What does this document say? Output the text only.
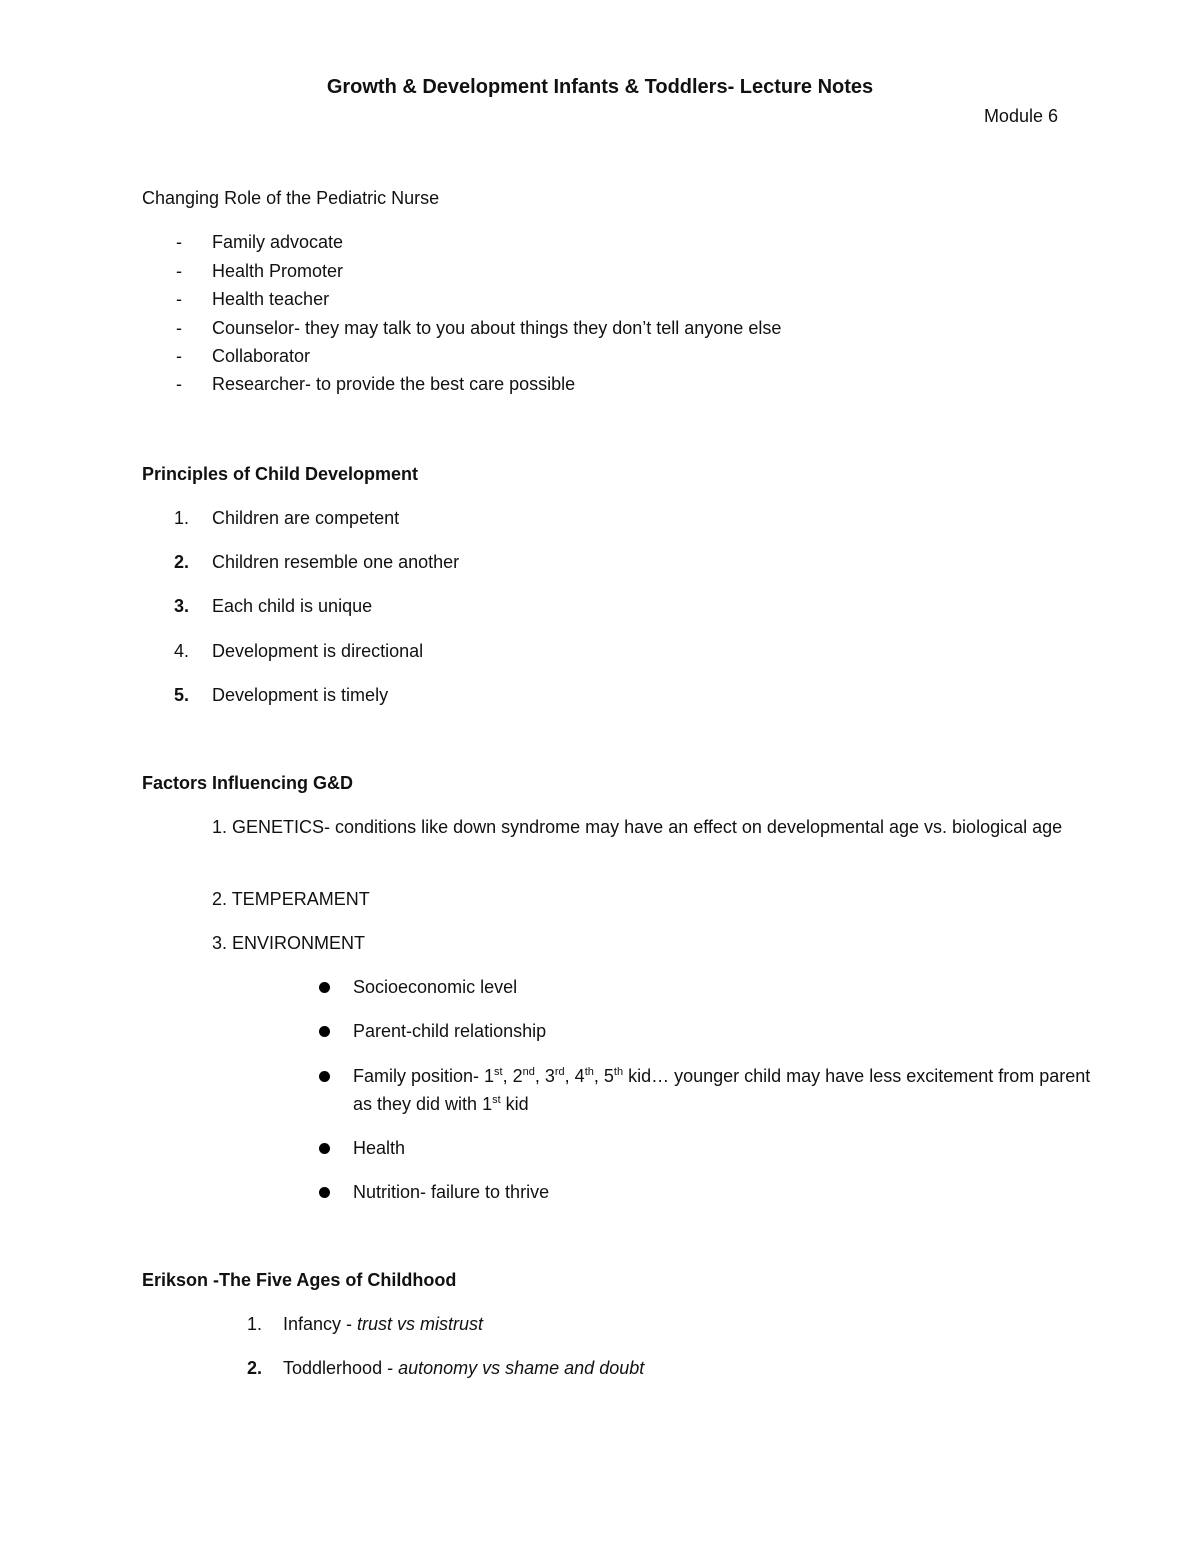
Growth & Development Infants & Toddlers- Lecture Notes
Module 6
Changing Role of the Pediatric Nurse
- Family advocate
- Health Promoter
- Health teacher
- Counselor- they may talk to you about things they don’t tell anyone else
- Collaborator
- Researcher- to provide the best care possible
Principles of Child Development
1. Children are competent
2. Children resemble one another
3. Each child is unique
4. Development is directional
5. Development is timely
Factors Influencing G&D
1. GENETICS- conditions like down syndrome may have an effect on developmental age vs. biological age
2. TEMPERAMENT
3. ENVIRONMENT
Socioeconomic level
Parent-child relationship
Family position- 1st, 2nd, 3rd, 4th, 5th kid… younger child may have less excitement from parent as they did with 1st kid
Health
Nutrition- failure to thrive
Erikson -The Five Ages of Childhood
1. Infancy - trust vs mistrust
2. Toddlerhood - autonomy vs shame and doubt
